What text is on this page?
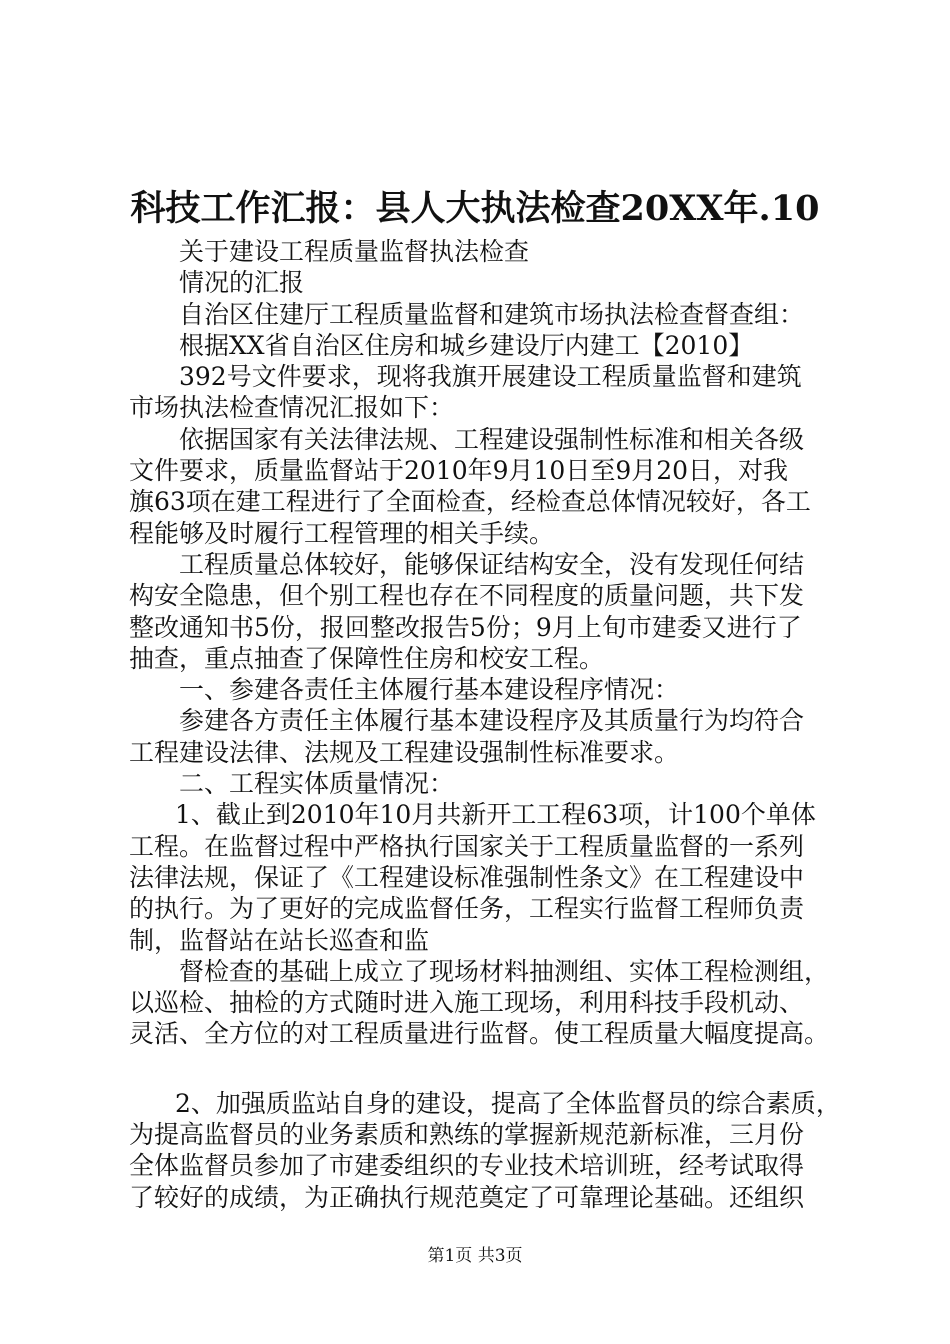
科技工作汇报：县人大执法检查20XX年.10
关于建设工程质量监督执法检查
情况的汇报
自治区住建厅工程质量监督和建筑市场执法检查督查组：
根据XX省自治区住房和城乡建设厅内建工【2010】
392号文件要求，现将我旗开展建设工程质量监督和建筑
市场执法检查情况汇报如下：
依据国家有关法律法规、工程建设强制性标准和相关各级
文件要求，质量监督站于2010年9月10日至9月20日，对我
旗63项在建工程进行了全面检查，经检查总体情况较好，各工
程能够及时履行工程管理的相关手续。
工程质量总体较好，能够保证结构安全，没有发现任何结
构安全隐患，但个别工程也存在不同程度的质量问题，共下发
整改通知书5份，报回整改报告5份；9月上旬市建委又进行了
抽查，重点抽查了保障性住房和校安工程。
一、参建各责任主体履行基本建设程序情况：
参建各方责任主体履行基本建设程序及其质量行为均符合
工程建设法律、法规及工程建设强制性标准要求。
二、工程实体质量情况：
1、截止到2010年10月共新开工工程63项，计100个单体
工程。在监督过程中严格执行国家关于工程质量监督的一系列
法律法规，保证了《工程建设标准强制性条文》在工程建设中
的执行。为了更好的完成监督任务，工程实行监督工程师负责
制，监督站在站长巡查和监
督检查的基础上成立了现场材料抽测组、实体工程检测组，
以巡检、抽检的方式随时进入施工现场，利用科技手段机动、
灵活、全方位的对工程质量进行监督。使工程质量大幅度提高。
2、加强质监站自身的建设，提高了全体监督员的综合素质，
为提高监督员的业务素质和熟练的掌握新规范新标准，三月份
全体监督员参加了市建委组织的专业技术培训班，经考试取得
了较好的成绩，为正确执行规范奠定了可靠理论基础。还组织
第1页 共3页
